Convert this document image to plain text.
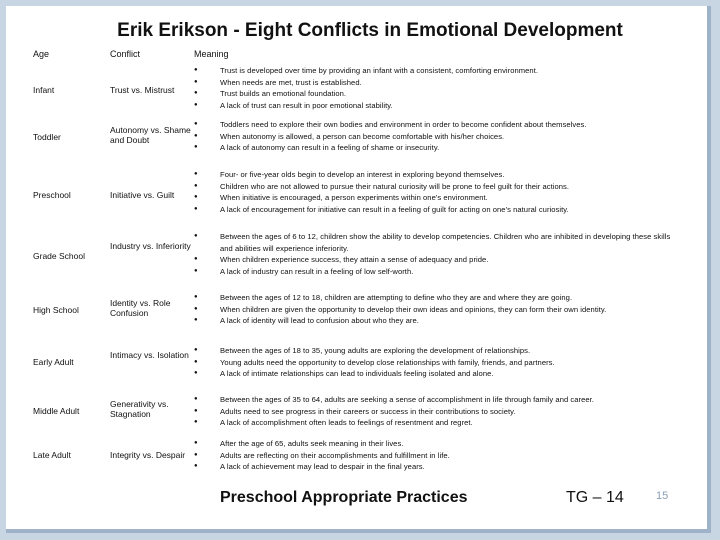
Erik Erikson - Eight Conflicts in Emotional Development
Age	Conflict	Meaning
Infant	Trust vs. Mistrust
● Trust is developed over time by providing an infant with a consistent, comforting environment.
● When needs are met, trust is established.
● Trust builds an emotional foundation.
● A lack of trust can result in poor emotional stability.
Toddler
Autonomy vs. Shame and Doubt
● Toddlers need to explore their own bodies and environment in order to become confident about themselves.
● When autonomy is allowed, a person can become comfortable with his/her choices.
● A lack of autonomy can result in a feeling of shame or insecurity.
Preschool	Initiative vs. Guilt
● Four- or five-year olds begin to develop an interest in exploring beyond themselves.
● Children who are not allowed to pursue their natural curiosity will be prone to feel guilt for their actions.
● When initiative is encouraged, a person experiments within one's environment.
● A lack of encouragement for initiative can result in a feeling of guilt for acting on one's natural curiosity.
Grade School
Industry vs. Inferiority
● Between the ages of 6 to 12, children show the ability to develop competencies. Children who are inhibited in developing these skills and abilities will experience inferiority.
● When children experience success, they attain a sense of adequacy and pride.
● A lack of industry can result in a feeling of low self-worth.
High School
Identity vs. Role Confusion
● Between the ages of 12 to 18, children are attempting to define who they are and where they are going.
● When children are given the opportunity to develop their own ideas and opinions, they can form their own identity.
● A lack of identity will lead to confusion about who they are.
Early Adult
Intimacy vs. Isolation
●	Between the ages of 18 to 35, young adults are exploring the development of relationships.
● Young adults need the opportunity to develop close relationships with family, friends, and partners.
● A lack of intimate relationships can lead to individuals feeling isolated and alone.
Middle Adult
Generativity vs. Stagnation
● Between the ages of 35 to 64, adults are seeking a sense of accomplishment in life through family and career.
● Adults need to see progress in their careers or success in their contributions to society.
● A lack of accomplishment often leads to feelings of resentment and regret.
Late Adult	Integrity vs. Despair
● After the age of 65, adults seek meaning in their lives.
● Adults are reflecting on their accomplishments and fulfillment in life.
● A lack of achievement may lead to despair in the final years.
Preschool Appropriate Practices	TG – 14	15
